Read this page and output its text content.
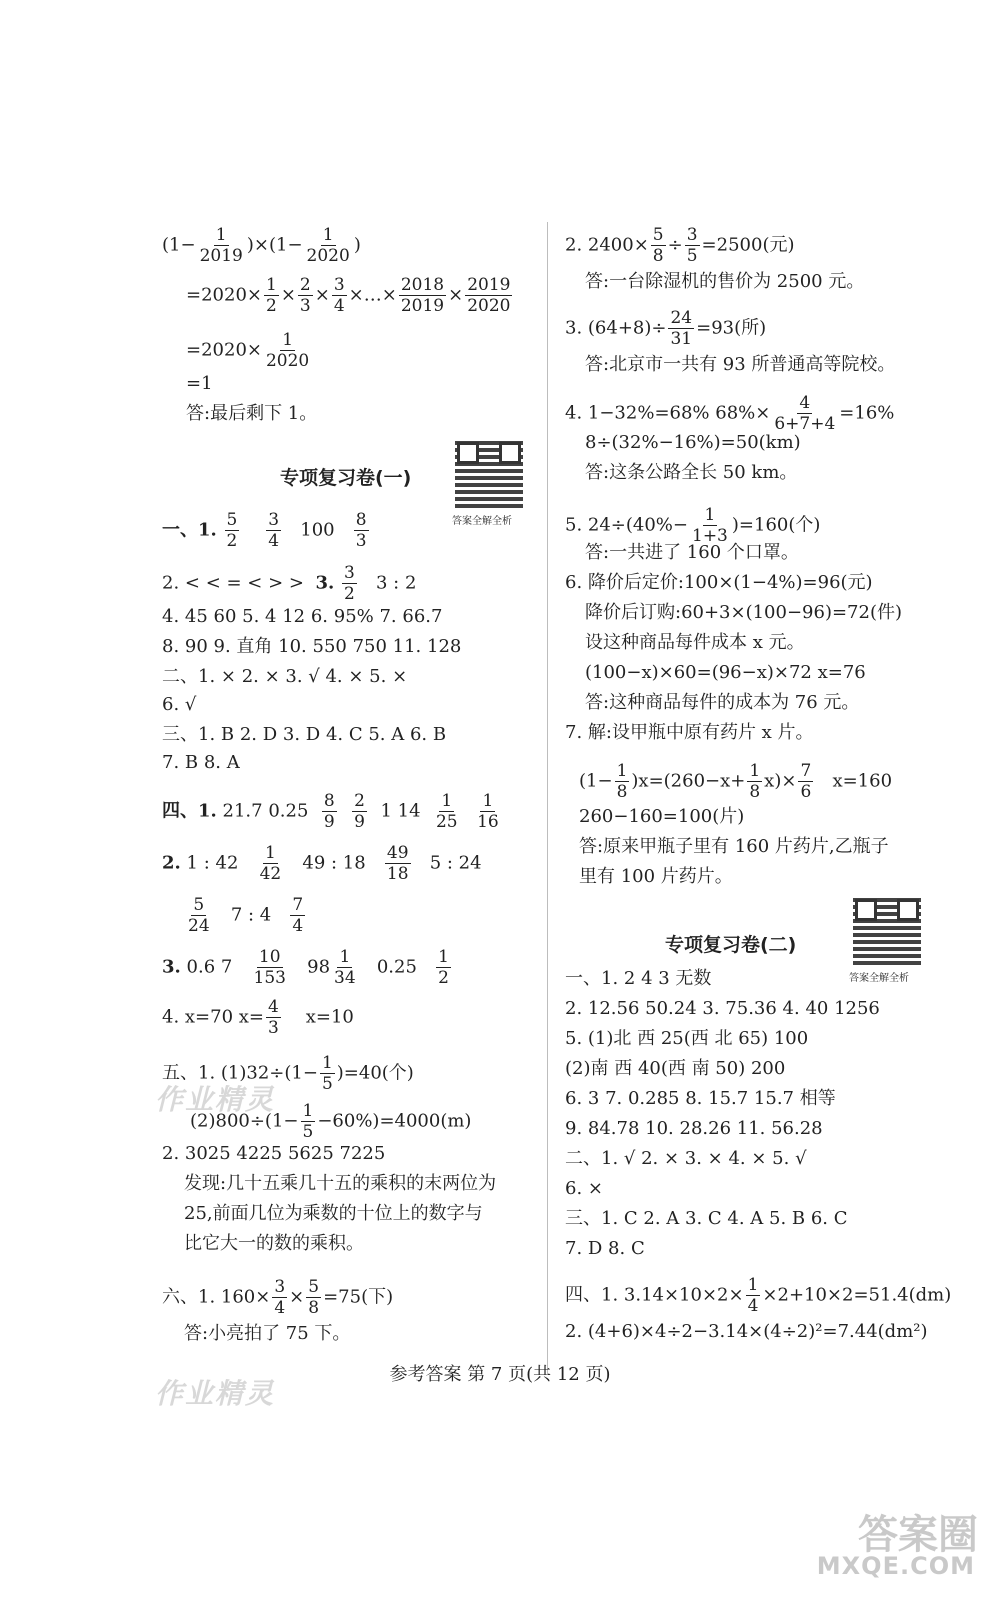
$(1- \frac{1}{2019} )\times(1- \frac{1}{2020}$ )
$=2020\times \frac{1}{2} \times \frac{2}{3} \times \frac{3}{4}$ ×…× $\frac{2018}{2019} \times \frac{2019}{2020}$
$=2020\times \frac{1}{2020}$
=1
答:最后剩下 1。
专项复习卷(一)
答案全解全析
一、1. $\frac{5}{2}$
$\frac{3}{4} 100 \frac{8}{3}$
2. < < = < > > 3. $\frac{3}{2} 3$ : 2
4. 45 60 5. 4 12 6. 95% 7. 66.7
8. 90 9. 直角 10. 550 750 11. 128
二、1. × 2. × 3. √ 4. × 5. ×
6. √
三、1. B 2. D 3. D 4. C 5. A 6. B
7. B 8. A
四、1. 21.7 $0.25 \frac{8}{9}$
$\frac{2}{9} 1$ $14 \frac{1}{25}$
$\frac{1}{16}$
2. 1 : $42 \frac{1}{42} 49$ : $18 \frac{49}{18} 5$ : 24
$\frac{5}{24} 7$ : $4 \frac{7}{4}$
3. 0.6 $7 \frac{10}{153} 98 \frac{1}{34} 0.25 \frac{1}{2}$
4. x=70 $x= \frac{4}{3} x=10$
五、1. $(1)32\div(1- \frac{1}{5} )=40$(个)
$(2)800\div(1- \frac{1}{5} -60\%)=4000(m)$
2. 3025 4225 5625 7225
发现:几十五乘几十五的乘积的末两位为
25,前面几位为乘数的十位上的数字与
比它大一的数的乘积。
六、1. $160\times \frac{3}{4} \times \frac{5}{8} =75$(下)
答:小亮拍了 75 下。
2. $2400\times \frac{5}{8} \div \frac{3}{5} =2500$(元)
答:一台除湿机的售价为 2500 元。
3. $(64+8)\div \frac{24}{31} =93$(所)
答:北京市一共有 93 所普通高等院校。
4. 1−32%=68% $68\%\times \frac{4}{6+7+4} =16\%$
8÷(32%−16%)=50(km)
答:这条公路全长 50 km。
5. $24\div(40\%- \frac{1}{1+3} )=160$(个)
答:一共进了 160 个口罩。
6. 降价后定价:100×(1−4%)=96(元)
降价后订购:60+3×(100−96)=72(件)
设这种商品每件成本 x 元。
(100−x)×60=(96−x)×72 x=76
答:这种商品每件的成本为 76 元。
7. 解:设甲瓶中原有药片 x 片。
$(1- \frac{1}{8} )x=(260-x+ \frac{1}{8} x)\times \frac{7}{6} x=160$
260−160=100(片)
答:原来甲瓶子里有 160 片药片,乙瓶子
里有 100 片药片。
专项复习卷(二)
答案全解全析
一、1. 2 4 3 无数
2. 12.56 50.24 3. 75.36 4. 40 1256
5. (1)北 西 25(西 北 65) 100
(2)南 西 40(西 南 50) 200
6. 3 7. 0.285 8. 15.7 15.7 相等
9. 84.78 10. 28.26 11. 56.28
二、1. √ 2. × 3. × 4. × 5. √
6. ×
三、1. C 2. A 3. C 4. A 5. B 6. C
7. D 8. C
四、1. $3.14\times 10\times 2\times \frac{1}{4} \times 2+10\times 2=51.4(dm)$
2. (4+6)×4÷2−3.14×(4÷2)²=7.44(dm²)
参考答案 第 7 页(共 12 页)
作业精灵
作业精灵
答案圈
MXQE.COM
